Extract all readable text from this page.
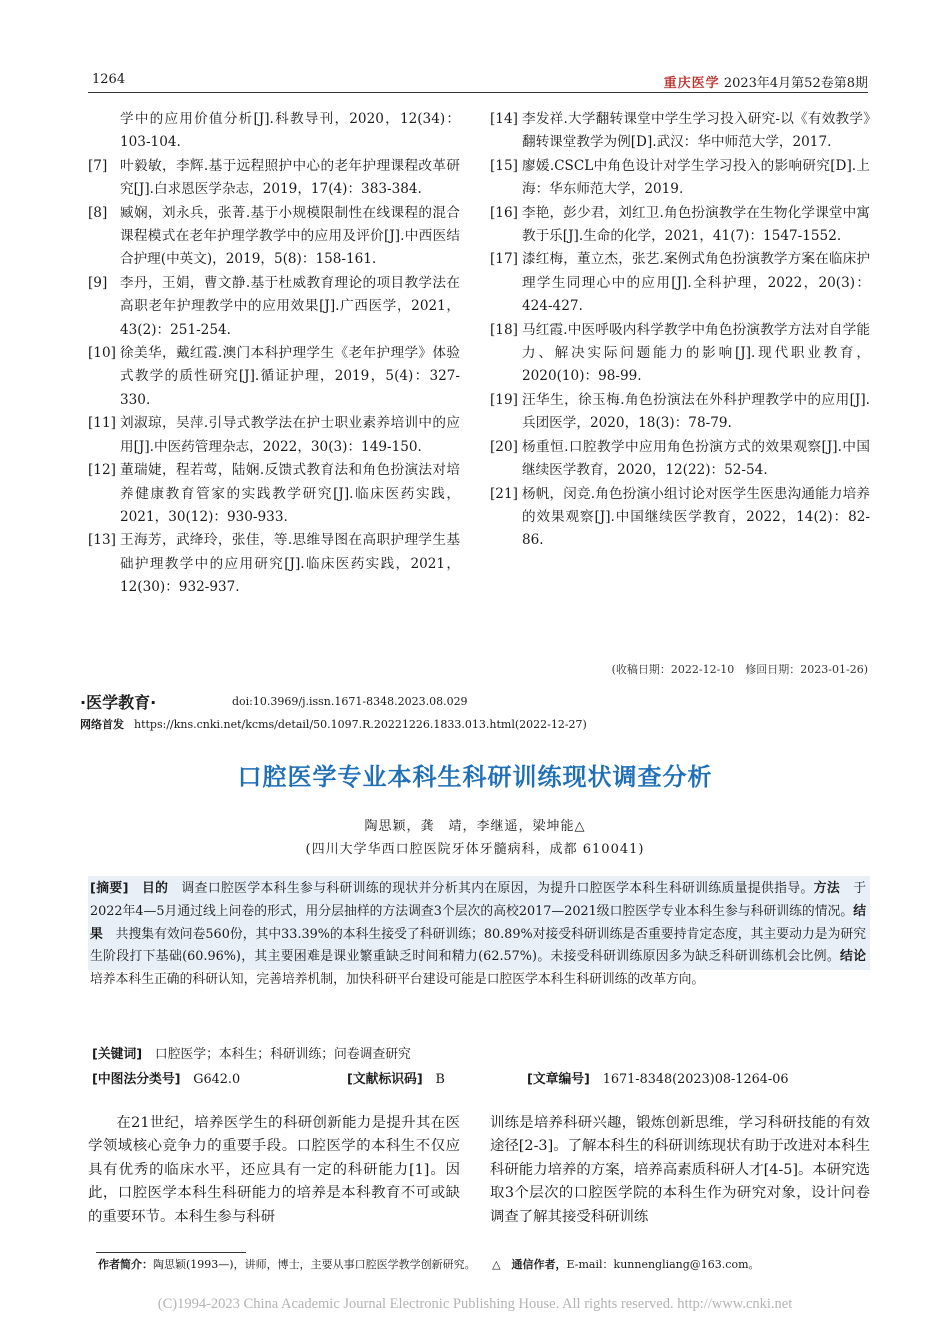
1264	重庆医学 2023年4月第52卷第8期
学中的应用价值分析[J].科教导刊，2020，12(34)：103-104.
[7] 叶毅敏，李辉.基于远程照护中心的老年护理课程改革研究[J].白求恩医学杂志，2019，17(4)：383-384.
[8] 臧娴，刘永兵，张菁.基于小规模限制性在线课程的混合课程模式在老年护理学教学中的应用及评价[J].中西医结合护理(中英文)，2019，5(8)：158-161.
[9] 李丹，王娟，曹文静.基于杜威教育理论的项目教学法在高职老年护理教学中的应用效果[J].广西医学，2021，43(2)：251-254.
[10] 徐美华，戴红霞.澳门本科护理学生《老年护理学》体验式教学的质性研究[J].循证护理，2019，5(4)：327-330.
[11] 刘淑琼，吴萍.引导式教学法在护士职业素养培训中的应用[J].中医药管理杂志，2022，30(3)：149-150.
[12] 董瑞婕，程若莺，陆娴.反馈式教育法和角色扮演法对培养健康教育管家的实践教学研究[J].临床医药实践，2021，30(12)：930-933.
[13] 王海芳，武绛玲，张佳，等.思维导图在高职护理学生基础护理教学中的应用研究[J].临床医药实践，2021，12(30)：932-937.
[14] 李发祥.大学翻转课堂中学生学习投入研究-以《有效教学》翻转课堂教学为例[D].武汉：华中师范大学，2017.
[15] 廖媛.CSCL中角色设计对学生学习投入的影响研究[D].上海：华东师范大学，2019.
[16] 李艳，彭少君，刘红卫.角色扮演教学在生物化学课堂中寓教于乐[J].生命的化学，2021，41(7)：1547-1552.
[17] 漆红梅，董立杰，张艺.案例式角色扮演教学方案在临床护理学生同理心中的应用[J].全科护理，2022，20(3)：424-427.
[18] 马红霞.中医呼吸内科学教学中角色扮演教学方法对自学能力、解决实际问题能力的影响[J].现代职业教育，2020(10)：98-99.
[19] 汪华生，徐玉梅.角色扮演法在外科护理教学中的应用[J].兵团医学，2020，18(3)：78-79.
[20] 杨重恒.口腔教学中应用角色扮演方式的效果观察[J].中国继续医学教育，2020，12(22)：52-54.
[21] 杨帆，闵竞.角色扮演小组讨论对医学生医患沟通能力培养的效果观察[J].中国继续医学教育，2022，14(2)：82-86.
(收稿日期：2022-12-10　修回日期：2023-01-26)
·医学教育·	doi:10.3969/j.issn.1671-8348.2023.08.029
网络首发 https://kns.cnki.net/kcms/detail/50.1097.R.20221226.1833.013.html(2022-12-27)
口腔医学专业本科生科研训练现状调查分析
陶思颖，龚　靖，李继遥，梁坤能△
(四川大学华西口腔医院牙体牙髓病科，成都 610041)
[摘要]　 目的　 调查口腔医学本科生参与科研训练的现状并分析其内在原因，为提升口腔医学本科生科研训练质量提供指导。方法　 于2022年4—5月通过线上问卷的形式，用分层抽样的方法调查3个层次的高校2017—2021级口腔医学专业本科生参与科研训练的情况。结果　 共搜集有效问卷560份，其中33.39%的本科生接受了科研训练；80.89%对接受科研训练是否重要持肯定态度，其主要动力是为研究生阶段打下基础(60.96%)，其主要困难是课业繁重缺乏时间和精力(62.57%)。未接受科研训练原因多为缺乏科研训练机会比例。结论　培养本科生正确的科研认知，完善培养机制，加快科研平台建设可能是口腔医学本科生科研训练的改革方向。
[关键词]　 口腔医学；本科生；科研训练；问卷调查研究
[中图法分类号]　 G642.0	[文献标识码]　 B	[文章编号]　 1671-8348(2023)08-1264-06
在21世纪，培养医学生的科研创新能力是提升其在医学领域核心竞争力的重要手段。口腔医学的本科生不仅应具有优秀的临床水平，还应具有一定的科研能力[1]。因此，口腔医学本科生科研能力的培养是本科教育不可或缺的重要环节。本科生参与科研
训练是培养科研兴趣，锻炼创新思维，学习科研技能的有效途径[2-3]。了解本科生的科研训练现状有助于改进对本科生科研能力培养的方案，培养高素质科研人才[4-5]。本研究选取3个层次的口腔医学院的本科生作为研究对象，设计问卷调查了解其接受科研训练
作者简介：陶思颖(1993—)，讲师，博士，主要从事口腔医学教学创新研究。　　 △　 通信作者，E-mail：kunnengliang@163.com。
(C)1994-2023 China Academic Journal Electronic Publishing House. All rights reserved. http://www.cnki.net
